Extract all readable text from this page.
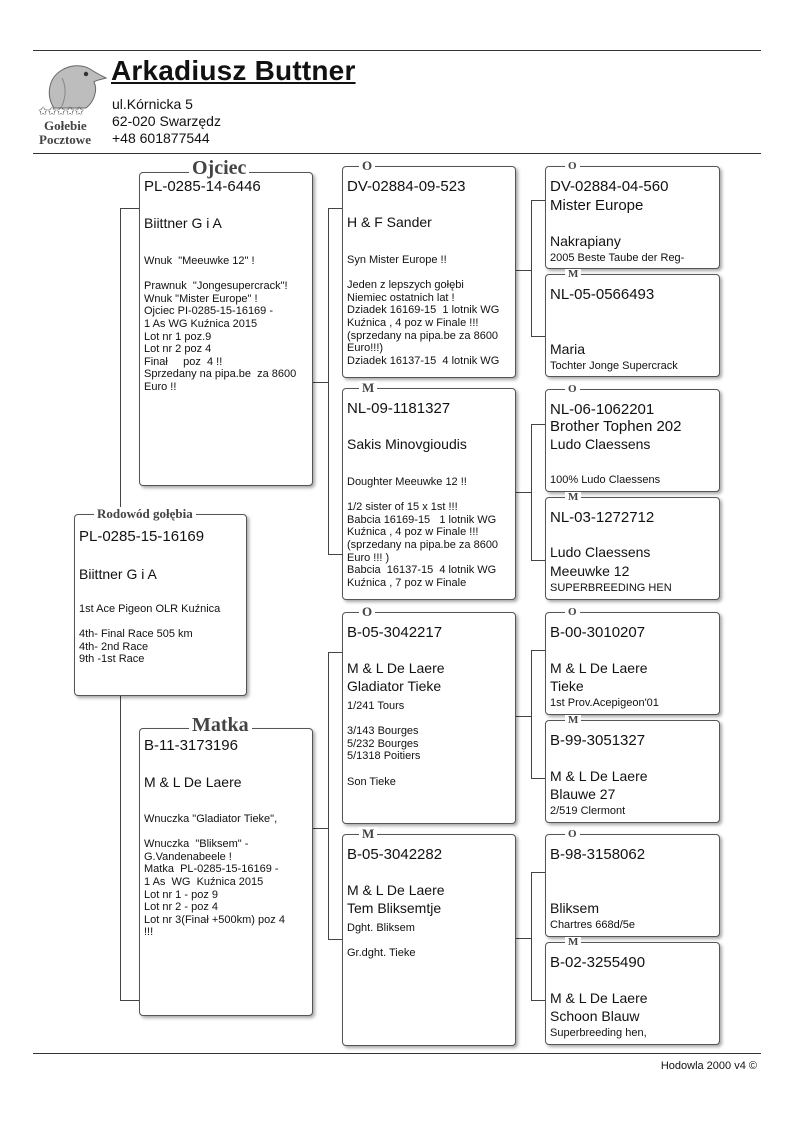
✩✩✩✩✩
Gołebie
Pocztowe
Arkadiusz Buttner
ul.Kórnicka 5
62-020 Swarzędz
+48 601877544
PL-0285-15-16169
Biittner G i A
1st Ace Pigeon OLR Kuźnica

4th- Final Race 505 km
4th- 2nd Race
9th -1st Race
Rodowód gołębia
PL-0285-14-6446
Biittner G i A
Wnuk  "Meeuwke 12" !

Prawnuk  "Jongesupercrack"!
Wnuk "Mister Europe" !
Ojciec PI-0285-15-16169 -
1 As WG Kuźnica 2015
Lot nr 1 poz.9
Lot nr 2 poz 4
Finał     poz  4 !!
Sprzedany na pipa.be  za 8600
Euro !!
Ojciec
B-11-3173196
M & L De Laere
Wnuczka "Gladiator Tieke",

Wnuczka  "Bliksem" -
G.Vandenabeele !
Matka  PL-0285-15-16169 -
1 As  WG  Kuźnica 2015
Lot nr 1 - poz 9
Lot nr 2 - poz 4
Lot nr 3(Finał +500km) poz 4
!!!
Matka
DV-02884-09-523
H & F Sander
Syn Mister Europe !!

Jeden z lepszych gołębi
Niemiec ostatnich lat !
Dziadek 16169-15  1 lotnik WG
Kuźnica , 4 poz w Finale !!!
(sprzedany na pipa.be za 8600
Euro!!!)
Dziadek 16137-15  4 lotnik WG
O
NL-09-1181327
Sakis Minovgioudis
Doughter Meeuwke 12 !!

1/2 sister of 15 x 1st !!!
Babcia 16169-15   1 lotnik WG
Kuźnica , 4 poz w Finale !!!
(sprzedany na pipa.be za 8600
Euro !!! )
Babcia  16137-15  4 lotnik WG
Kuźnica , 7 poz w Finale
M
B-05-3042217
M & L De Laere
Gladiator Tieke
1/241 Tours

3/143 Bourges
5/232 Bourges
5/1318 Poitiers

Son Tieke
O
B-05-3042282
M & L De Laere
Tem Bliksemtje
Dght. Bliksem

Gr.dght. Tieke
M
DV-02884-04-560
Mister Europe
Nakrapiany
2005 Beste Taube der Reg-
O
NL-05-0566493
Maria
Tochter Jonge Supercrack
M
NL-06-1062201
Brother Tophen 202
Ludo Claessens
100% Ludo Claessens
O
NL-03-1272712
Ludo Claessens
Meeuwke 12
SUPERBREEDING HEN
M
B-00-3010207
M & L De Laere
Tieke
1st Prov.Acepigeon'01
O
B-99-3051327
M & L De Laere
Blauwe 27
2/519 Clermont
M
B-98-3158062
Bliksem
Chartres 668d/5e
O
B-02-3255490
M & L De Laere
Schoon Blauw
Superbreeding hen,
M
Hodowla 2000 v4 ©
